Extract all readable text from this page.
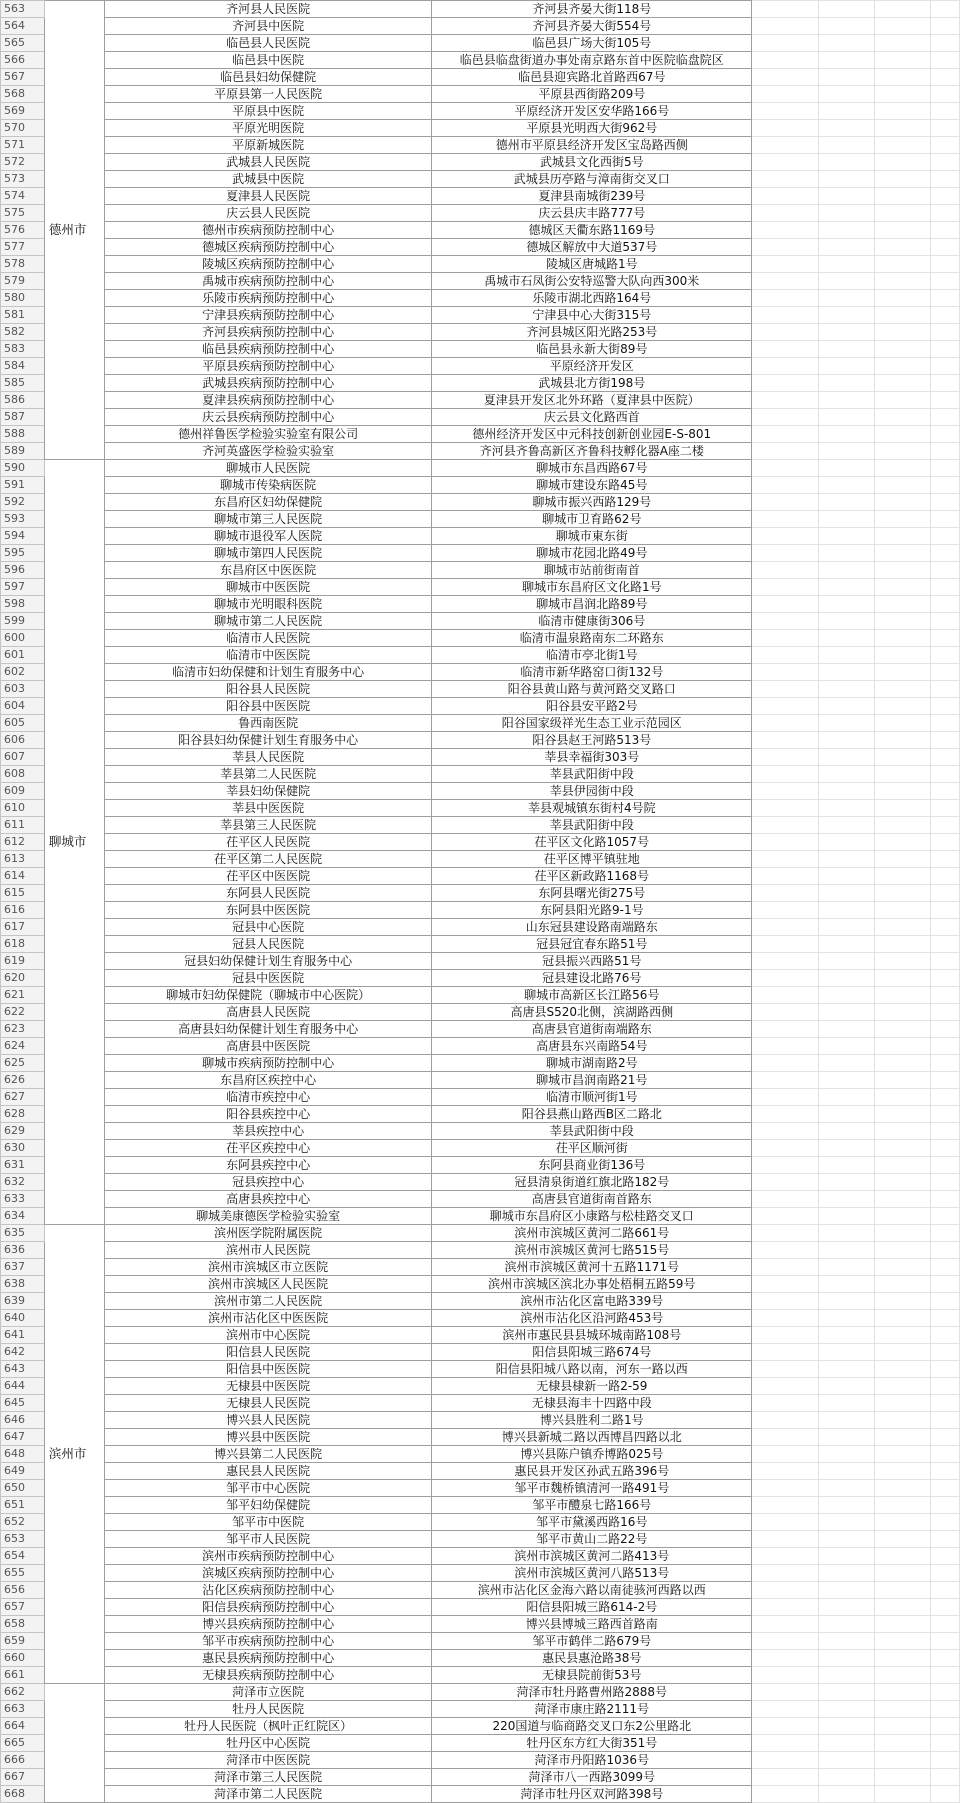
563	德州市	齐河县人民医院	齐河县齐晏大街118号				
564		齐河县中医院	齐河县齐晏大街554号				
565		临邑县人民医院	临邑县广场大街105号				
566		临邑县中医院	临邑县临盘街道办事处南京路东首中医院临盘院区				
567		临邑县妇幼保健院	临邑县迎宾路北首路西67号				
568		平原县第一人民医院	平原县西街路209号				
569		平原县中医院	平原经济开发区安华路166号				
570		平原光明医院	平原县光明西大街962号				
571		平原新城医院	德州市平原县经济开发区宝岛路西侧				
572		武城县人民医院	武城县文化西街5号				
573		武城县中医院	武城县历亭路与漳南街交叉口				
574		夏津县人民医院	夏津县南城街239号				
575		庆云县人民医院	庆云县庆丰路777号				
576		德州市疾病预防控制中心	德城区天衢东路1169号				
577		德城区疾病预防控制中心	德城区解放中大道537号				
578		陵城区疾病预防控制中心	陵城区唐城路1号				
579		禹城市疾病预防控制中心	禹城市石凤街公安特巡警大队向西300米				
580		乐陵市疾病预防控制中心	乐陵市湖北西路164号				
581		宁津县疾病预防控制中心	宁津县中心大街315号				
582		齐河县疾病预防控制中心	齐河县城区阳光路253号				
583		临邑县疾病预防控制中心	临邑县永新大街89号				
584		平原县疾病预防控制中心	平原经济开发区				
585		武城县疾病预防控制中心	武城县北方街198号				
586		夏津县疾病预防控制中心	夏津县开发区北外环路（夏津县中医院）				
587		庆云县疾病预防控制中心	庆云县文化路西首				
588		德州祥鲁医学检验实验室有限公司	德州经济开发区中元科技创新创业园E-S-801				
589		齐河英盛医学检验实验室	齐河县齐鲁高新区齐鲁科技孵化器A座二楼				
590	聊城市	聊城市人民医院	聊城市东昌西路67号				
591		聊城市传染病医院	聊城市建设东路45号				
592		东昌府区妇幼保健院	聊城市振兴西路129号				
593		聊城市第三人民医院	聊城市卫育路62号				
594		聊城市退役军人医院	聊城市東东街				
595		聊城市第四人民医院	聊城市花园北路49号				
596		东昌府区中医医院	聊城市站前街南首				
597		聊城市中医医院	聊城市东昌府区文化路1号				
598		聊城市光明眼科医院	聊城市昌润北路89号				
599		聊城市第二人民医院	临清市健康街306号				
600		临清市人民医院	临清市温泉路南东二环路东				
601		临清市中医医院	临清市亭北街1号				
602		临清市妇幼保健和计划生育服务中心	临清市新华路窑口街132号				
603		阳谷县人民医院	阳谷县黄山路与黄河路交叉路口				
604		阳谷县中医医院	阳谷县安平路2号				
605		鲁西南医院	阳谷国家级祥光生态工业示范园区				
606		阳谷县妇幼保健计划生育服务中心	阳谷县赵王河路513号				
607		莘县人民医院	莘县幸福街303号				
608		莘县第二人民医院	莘县武阳街中段				
609		莘县妇幼保健院	莘县伊园街中段				
610		莘县中医医院	莘县观城镇东街村4号院				
611		莘县第三人民医院	莘县武阳街中段				
612		茌平区人民医院	茌平区文化路1057号				
613		茌平区第二人民医院	茌平区博平镇驻地				
614		茌平区中医医院	茌平区新政路1168号				
615		东阿县人民医院	东阿县曙光街275号				
616		东阿县中医医院	东阿县阳光路9-1号				
617		冠县中心医院	山东冠县建设路南端路东				
618		冠县人民医院	冠县冠宜春东路51号				
619		冠县妇幼保健计划生育服务中心	冠县振兴西路51号				
620		冠县中医医院	冠县建设北路76号				
621		聊城市妇幼保健院（聊城市中心医院）	聊城市高新区长江路56号				
622		高唐县人民医院	高唐县S520北侧，滨湖路西侧				
623		高唐县妇幼保健计划生育服务中心	高唐县官道街南端路东				
624		高唐县中医医院	高唐县东兴南路54号				
625		聊城市疾病预防控制中心	聊城市湖南路2号				
626		东昌府区疾控中心	聊城市昌润南路21号				
627		临清市疾控中心	临清市顺河街1号				
628		阳谷县疾控中心	阳谷县燕山路西B区二路北				
629		莘县疾控中心	莘县武阳街中段				
630		茌平区疾控中心	茌平区顺河街				
631		东阿县疾控中心	东阿县商业街136号				
632		冠县疾控中心	冠县清泉街道红旗北路182号				
633		高唐县疾控中心	高唐县官道街南首路东				
634		聊城美康德医学检验实验室	聊城市东昌府区小康路与松桂路交叉口				
635	滨州市	滨州医学院附属医院	滨州市滨城区黄河二路661号				
636		滨州市人民医院	滨州市滨城区黄河七路515号				
637		滨州市滨城区市立医院	滨州市滨城区黄河十五路1171号				
638		滨州市滨城区人民医院	滨州市滨城区滨北办事处梧桐五路59号				
639		滨州市第二人民医院	滨州市沾化区富电路339号				
640		滨州市沾化区中医医院	滨州市沾化区沿河路453号				
641		滨州市中心医院	滨州市惠民县县城环城南路108号				
642		阳信县人民医院	阳信县阳城三路674号				
643		阳信县中医医院	阳信县阳城八路以南，河东一路以西				
644		无棣县中医医院	无棣县棣新一路2-59				
645		无棣县人民医院	无棣县海丰十四路中段				
646		博兴县人民医院	博兴县胜利二路1号				
647		博兴县中医医院	博兴县新城二路以西博昌四路以北				
648		博兴县第二人民医院	博兴县陈户镇乔博路025号				
649		惠民县人民医院	惠民县开发区孙武五路396号				
650		邹平市中心医院	邹平市魏桥镇清河一路491号				
651		邹平妇幼保健院	邹平市醴泉七路166号				
652		邹平市中医院	邹平市黛溪西路16号				
653		邹平市人民医院	邹平市黄山二路22号				
654		滨州市疾病预防控制中心	滨州市滨城区黄河二路413号				
655		滨城区疾病预防控制中心	滨州市滨城区黄河八路513号				
656		沾化区疾病预防控制中心	滨州市沾化区金海六路以南徒骇河西路以西				
657		阳信县疾病预防控制中心	阳信县阳城三路614-2号				
658		博兴县疾病预防控制中心	博兴县博城三路西首路南				
659		邹平市疾病预防控制中心	邹平市鹤伴二路679号				
660		惠民县疾病预防控制中心	惠民县惠沧路38号				
661		无棣县疾病预防控制中心	无棣县院前街53号				
662		菏泽市立医院	菏泽市牡丹路曹州路2888号				
663		牡丹人民医院	菏泽市康庄路2111号				
664		牡丹人民医院（枫叶正红院区）	220国道与临商路交叉口东2公里路北				
665		牡丹区中心医院	牡丹区东方红大街351号				
666		菏泽市中医医院	菏泽市丹阳路1036号				
667		菏泽市第三人民医院	菏泽市八一西路3099号				
668		菏泽市第二人民医院	菏泽市牡丹区双河路398号				
